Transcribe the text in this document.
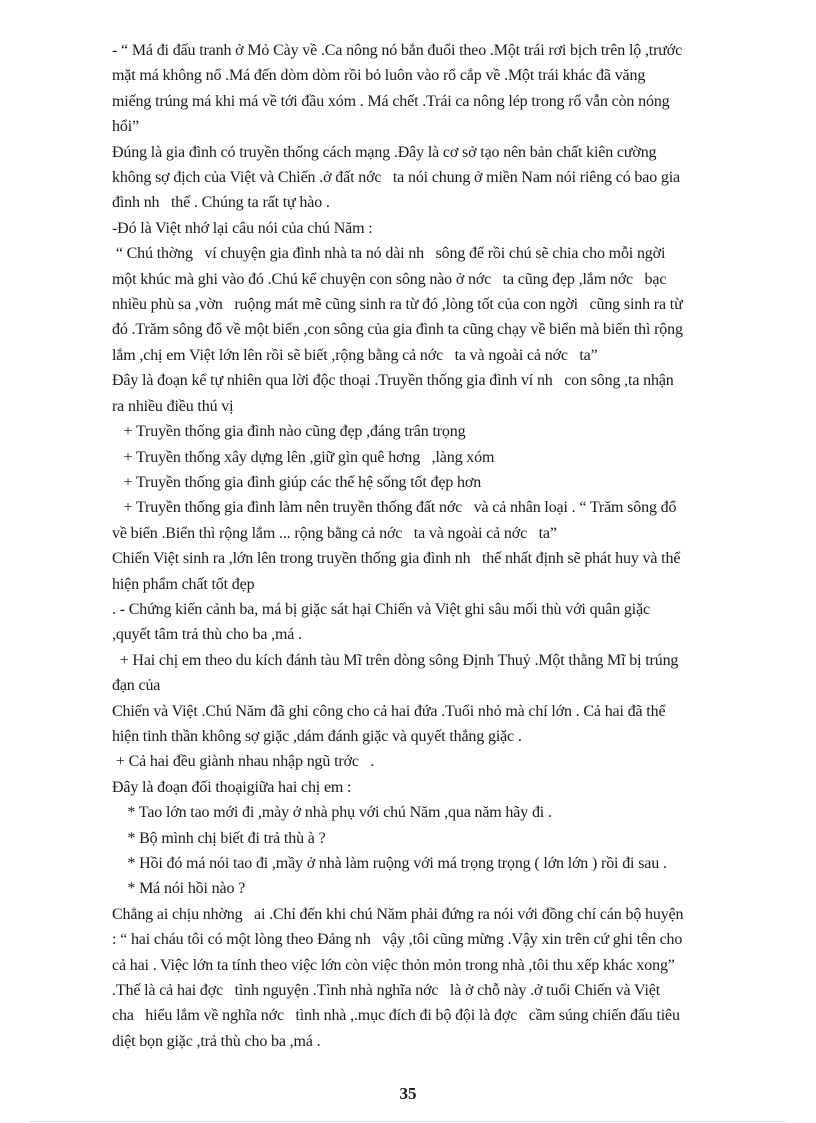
- “ Má đi đấu tranh ở Mỏ Cày về .Ca nông nó bắn đuổi theo .Một trái rơi bịch trên lộ ,trước
mặt má không nổ .Má đến dòm dòm rồi bỏ luôn vào rổ cắp về .Một trái khác đã văng
miếng trúng má khi má về tới đầu xóm . Má chết .Trái ca nông lép trong rổ vẫn còn nóng
hổi”
Đúng là gia đình có truyền thống cách mạng .Đây là cơ sở tạo nên bản chất kiên cường
không sợ địch của Việt và Chiến .ở đất nớc   ta nói chung ở miền Nam nói riêng có bao gia
đình nh   thế . Chúng ta rất tự hào .
-Đó là Việt nhớ lại câu nói của chú Năm :
“ Chú thờng   ví chuyện gia đình nhà ta nó dài nh   sông để rồi chú sẽ chia cho mỗi ngời
một khúc mà ghi vào đó .Chú kể chuyện con sông nào ở nớc   ta cũng đẹp ,lắm nớc   bạc
nhiều phù sa ,vờn   ruộng mát mẽ cũng sinh ra từ đó ,lòng tốt của con ngời   cũng sinh ra từ
đó .Trăm sông đổ về một biển ,con sông của gia đình ta cũng chạy về biển mà biển thì rộng
lắm ,chị em Việt lớn lên rồi sẽ biết ,rộng bằng cả nớc   ta và ngoài cả nớc   ta”
Đây là đoạn kể tự nhiên qua lời độc thoại .Truyền thống gia đình ví nh   con sông ,ta nhận
ra nhiều điều thú vị
+ Truyền thống gia đình nào cũng đẹp ,đáng trân trọng
+ Truyền thống xây dựng lên ,giữ gìn quê hơng   ,làng xóm
+ Truyền thống gia đình giúp các thế hệ sống tốt đẹp hơn
+ Truyền thống gia đình làm nên truyền thống đất nớc   và cả nhân loại . “ Trăm sông đổ
về biển .Biển thì rộng lắm ... rộng bằng cả nớc   ta và ngoài cả nớc   ta”
Chiến Việt sinh ra ,lớn lên trong truyền thống gia đình nh   thế nhất định sẽ phát huy và thể
hiện phẩm chất tốt đẹp
. - Chứng kiến cảnh ba, má bị giặc sát hại Chiến và Việt ghi sâu mối thù với quân giặc
,quyết tâm trả thù cho ba ,má .
+ Hai chị em theo du kích đánh tàu Mĩ trên dòng sông Định Thuỷ .Một thằng Mĩ bị trúng
đạn của
Chiến và Việt .Chú Năm đã ghi công cho cả hai đứa .Tuổi nhỏ mà chí lớn . Cả hai đã thể
hiện tinh thần không sợ giặc ,dám đánh giặc và quyết thắng giặc .
+ Cả hai đều giành nhau nhập ngũ trớc   .
Đây là đoạn đối thoạigiữa hai chị em :
* Tao lớn tao mới đi ,mày ở nhà phụ với chú Năm ,qua năm hãy đi .
* Bộ mình chị biết đi trả thù à ?
* Hồi đó má nói tao đi ,mầy ở nhà làm ruộng với má trọng trọng ( lớn lớn ) rồi đi sau .
* Má nói hồi nào ?
Chẳng ai chịu nhờng   ai .Chỉ đến khi chú Năm phải đứng ra nói với đồng chí cán bộ huyện
: “ hai cháu tôi có một lòng theo Đảng nh   vậy ,tôi cũng mừng .Vậy xin trên cứ ghi tên cho
cả hai . Việc lớn ta tính theo việc lớn còn việc thỏn mỏn trong nhà ,tôi thu xếp khác xong”
.Thế là cả hai đợc   tình nguyện .Tình nhà nghĩa nớc   là ở chỗ này .ở tuổi Chiến và Việt
cha   hiểu lắm về nghĩa nớc   tình nhà ,.mục đích đi bộ đội là đợc   cầm súng chiến đấu tiêu
diệt bọn giặc ,trả thù cho ba ,má .
35
